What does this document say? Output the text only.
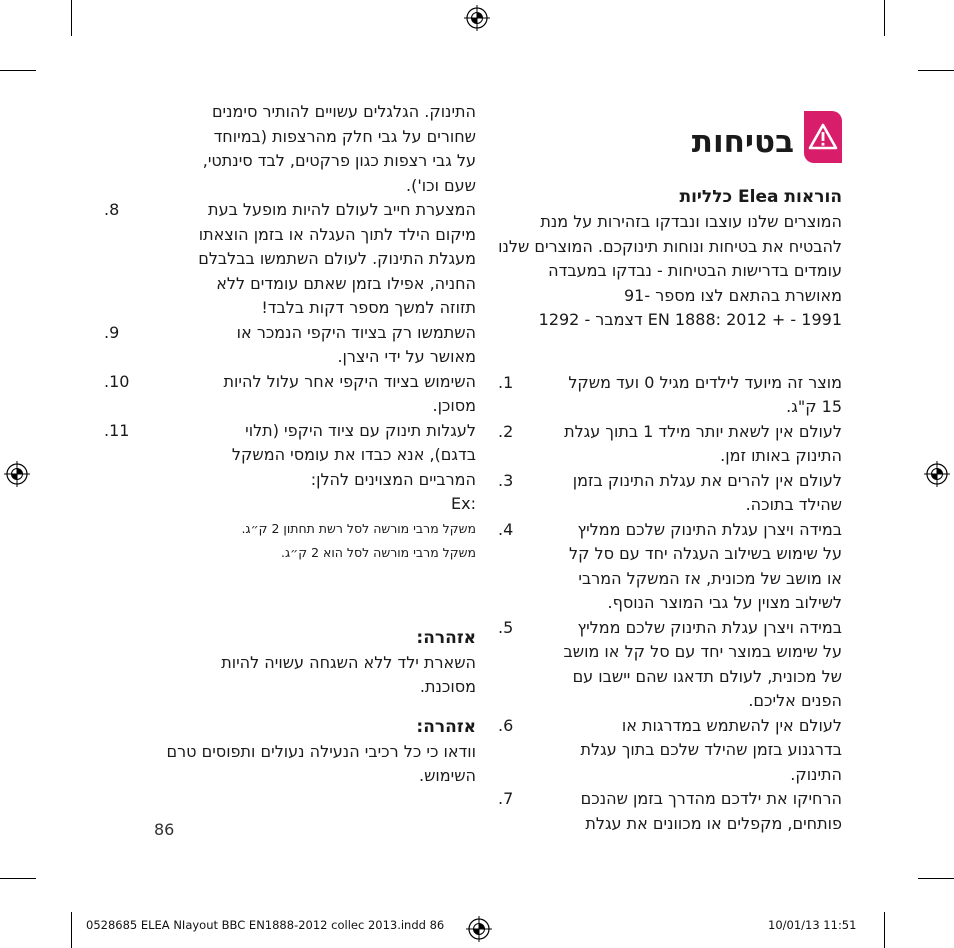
בטיחות
הוראות Elea כלליות

המוצרים שלנו עוצבו ונבדקו בזהירות על מנת להבטיח את בטיחות ונוחות תינוקכם. המוצרים שלנו עומדים בדרישות הבטיחות - נבדקו במעבדה מאושרת בהתאם לצו מספר -91
EN 1888: 2012 + - 1991 דצמבר - 1292

מוצר זה מיועד לילדים מגיל 0 ועד משקל
15 ק"ג.
.1
לעולם אין לשאת יותר מילד 1 בתוך עגלת
התינוק באותו זמן.
.2
לעולם אין להרים את עגלת התינוק בזמן
שהילד בתוכה.
.3
במידה ויצרן עגלת התינוק שלכם ממליץ
על שימוש בשילוב העגלה יחד עם סל קל
או מושב של מכונית, אז המשקל המרבי
לשילוב מצוין על גבי המוצר הנוסף.
.4
במידה ויצרן עגלת התינוק שלכם ממליץ
על שימוש במוצר יחד עם סל קל או מושב
של מכונית, לעולם תדאגו שהם יישבו עם
הפנים אליכם.
.5
לעולם אין להשתמש במדרגות או
בדרגנוע בזמן שהילד שלכם בתוך עגלת
התינוק.
.6
הרחיקו את ילדכם מהדרך בזמן שהנכם
פותחים, מקפלים או מכוונים את עגלת
.7

התינוק. הגלגלים עשויים להותיר סימנים
שחורים על גבי חלק מהרצפות (במיוחד
על גבי רצפות כגון פרקטים, לבד סינתטי,
שעם וכו').

המצערת חייב לעולם להיות מופעל בעת
מיקום הילד לתוך העגלה או בזמן הוצאתו
מעגלת התינוק. לעולם השתמשו בבלבלם
החניה, אפילו בזמן שאתם עומדים ללא
תזוזה למשך מספר דקות בלבד!
.8
השתמשו רק בציוד היקפי הנמכר או
מאושר על ידי היצרן.
.9
השימוש בציוד היקפי אחר עלול להיות
מסוכן.
.10
לעגלות תינוק עם ציוד היקפי (תלוי
בדגם), אנא כבדו את עומסי המשקל
המרביים המצוינים להלן:
.11

Ex:

משקל מרבי מורשה לסל רשת תחתון 2 ק״ג.

משקל מרבי מורשה לסל הוא 2 ק״ג.

אזהרה:

השארת ילד ללא השגחה עשויה להיות
מסוכנת.

אזהרה:

וודאו כי כל רכיבי הנעילה נעולים ותפוסים טרם
השימוש.

86
0528685 ELEA NIayout BBC EN1888-2012 collec 2013.indd 86	10/01/13 11:51
